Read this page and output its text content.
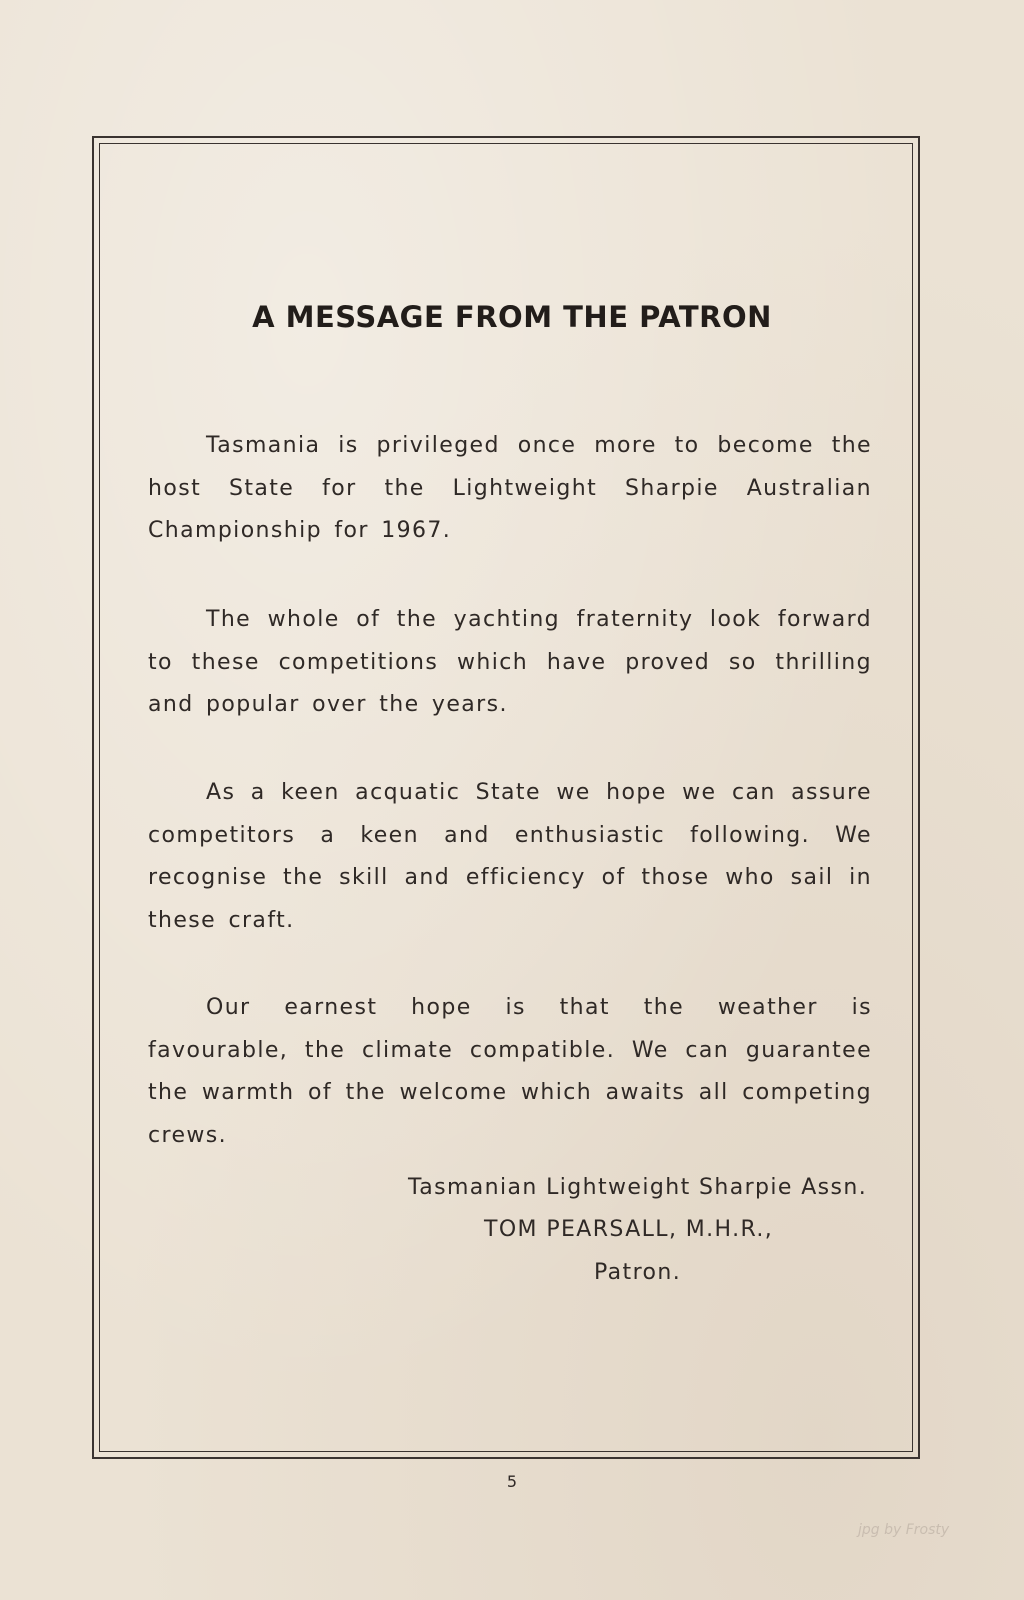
A MESSAGE FROM THE PATRON

Tasmania is privileged once more to become the host State for the Lightweight Sharpie Australian Championship for 1967.

The whole of the yachting fraternity look forward to these competitions which have proved so thrilling and popular over the years.

As a keen acquatic State we hope we can assure competitors a keen and enthusiastic following. We recognise the skill and efficiency of those who sail in these craft.

Our earnest hope is that the weather is favourable, the climate compatible. We can guarantee the warmth of the welcome which awaits all competing crews.

Tasmanian Lightweight Sharpie Assn.
TOM PEARSALL, M.H.R.,
Patron.
5
jpg by Frosty
